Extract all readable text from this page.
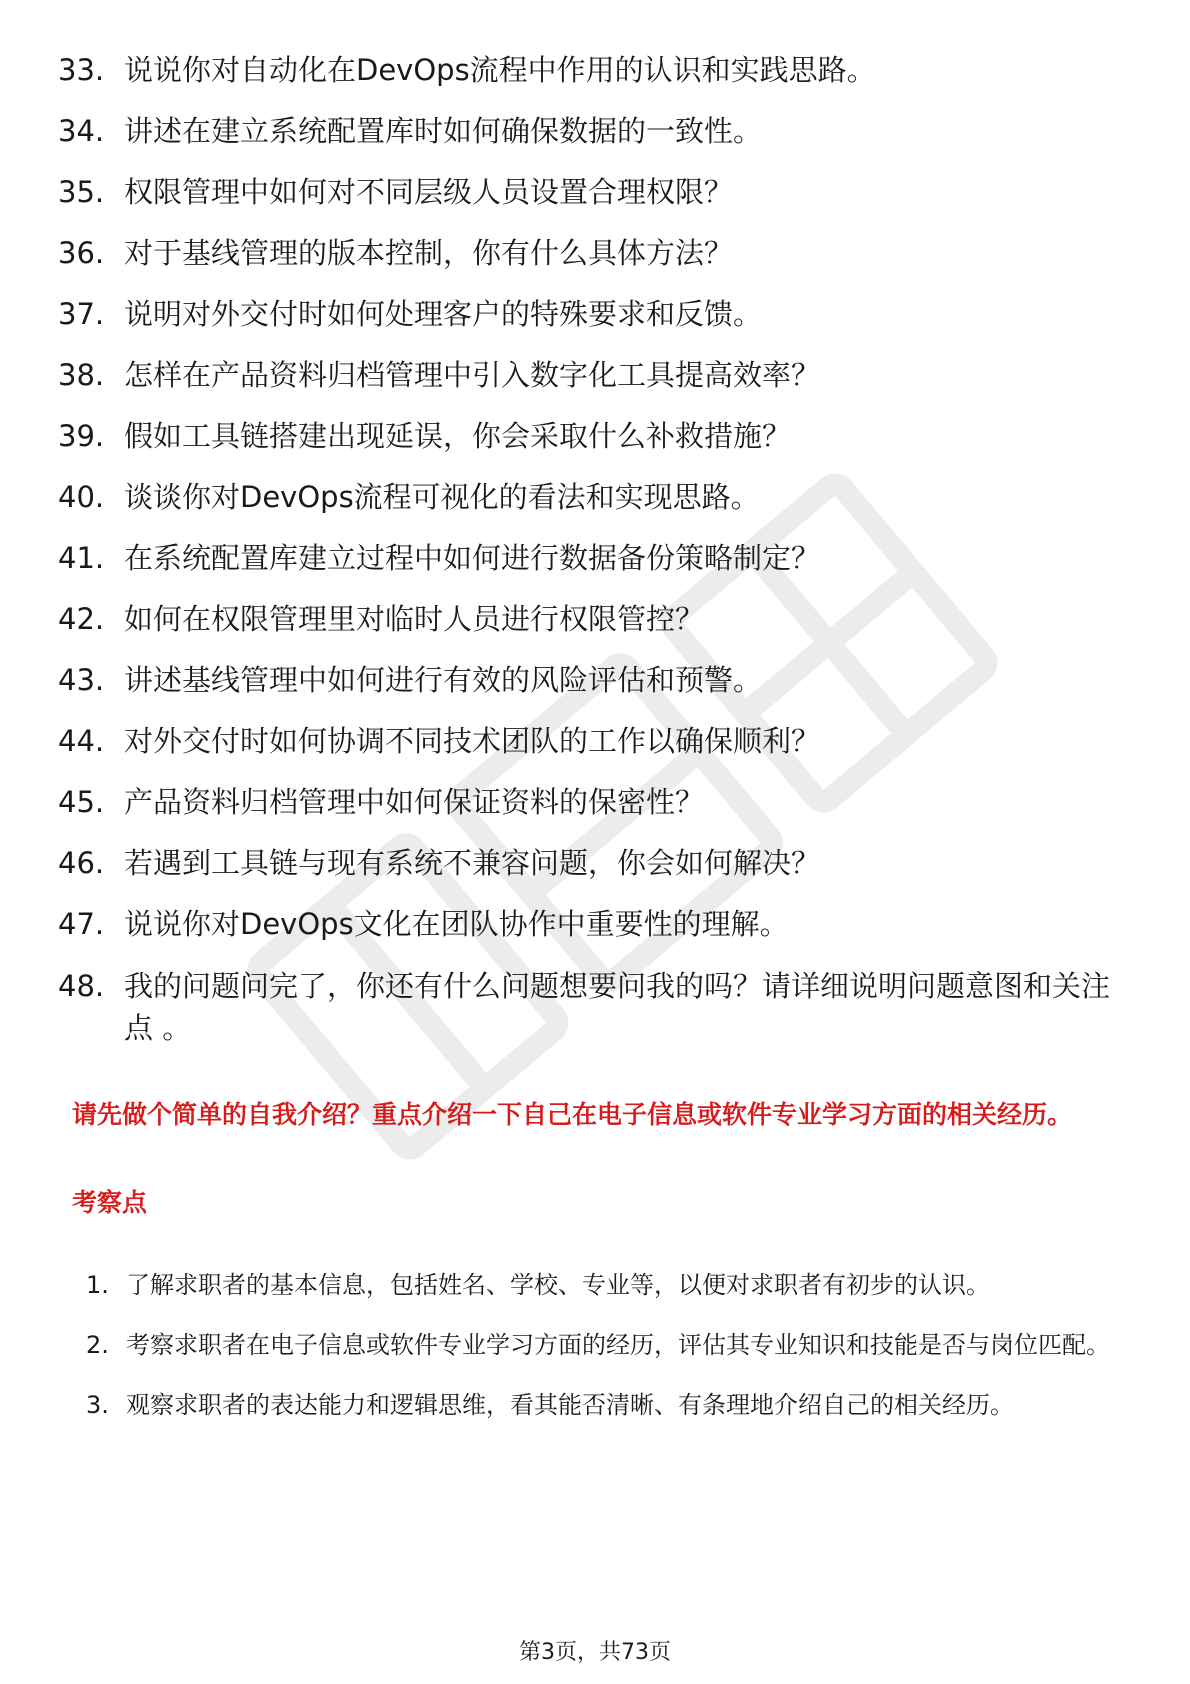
33. 说说你对自动化在DevOps流程中作用的认识和实践思路。
34. 讲述在建立系统配置库时如何确保数据的一致性。
35. 权限管理中如何对不同层级人员设置合理权限？
36. 对于基线管理的版本控制，你有什么具体方法？
37. 说明对外交付时如何处理客户的特殊要求和反馈。
38. 怎样在产品资料归档管理中引入数字化工具提高效率？
39. 假如工具链搭建出现延误，你会采取什么补救措施？
40. 谈谈你对DevOps流程可视化的看法和实现思路。
41. 在系统配置库建立过程中如何进行数据备份策略制定？
42. 如何在权限管理里对临时人员进行权限管控？
43. 讲述基线管理中如何进行有效的风险评估和预警。
44. 对外交付时如何协调不同技术团队的工作以确保顺利？
45. 产品资料归档管理中如何保证资料的保密性？
46. 若遇到工具链与现有系统不兼容问题，你会如何解决？
47. 说说你对DevOps文化在团队协作中重要性的理解。
48. 我的问题问完了，你还有什么问题想要问我的吗？请详细说明问题意图和关注点 。
请先做个简单的自我介绍？重点介绍一下自己在电子信息或软件专业学习方面的相关经历。
考察点
1. 了解求职者的基本信息，包括姓名、学校、专业等，以便对求职者有初步的认识。
2. 考察求职者在电子信息或软件专业学习方面的经历，评估其专业知识和技能是否与岗位匹配。
3. 观察求职者的表达能力和逻辑思维，看其能否清晰、有条理地介绍自己的相关经历。
第3页，共73页
